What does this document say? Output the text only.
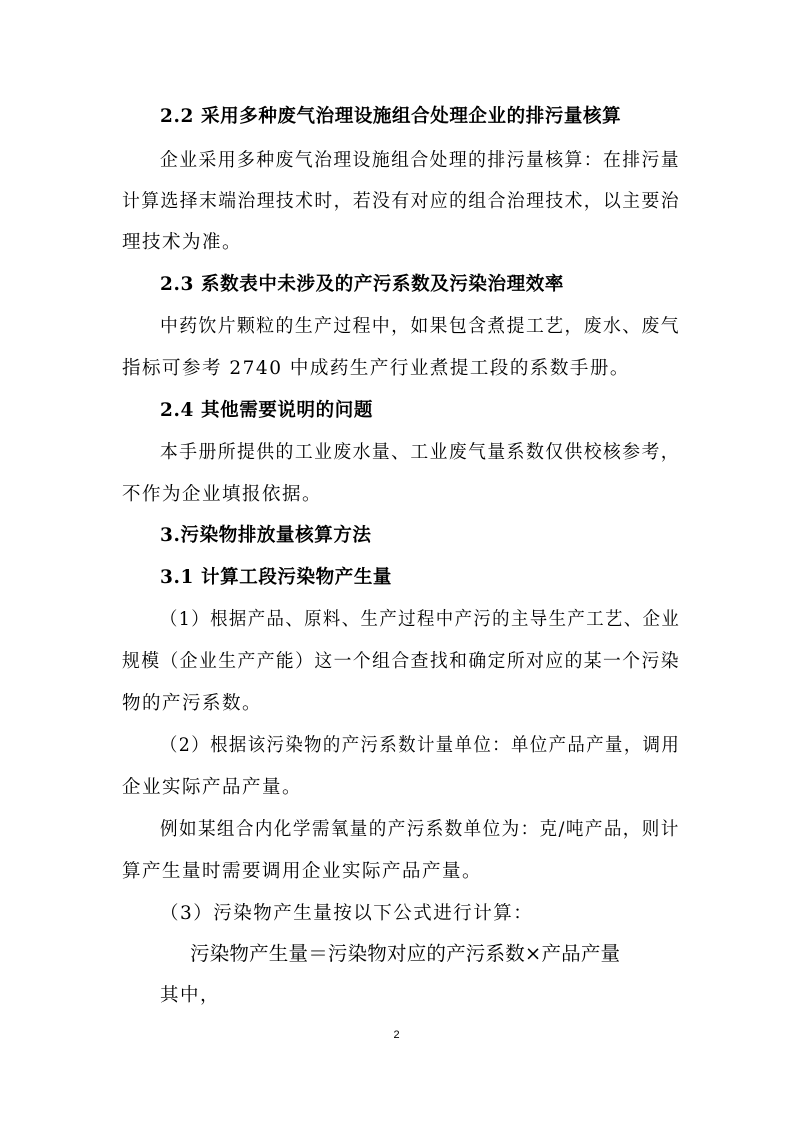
2.2 采用多种废气治理设施组合处理企业的排污量核算
企业采用多种废气治理设施组合处理的排污量核算：在排污量
计算选择末端治理技术时，若没有对应的组合治理技术，以主要治
理技术为准。
2.3 系数表中未涉及的产污系数及污染治理效率
中药饮片颗粒的生产过程中，如果包含煮提工艺，废水、废气
指标可参考 2740 中成药生产行业煮提工段的系数手册。
2.4 其他需要说明的问题
本手册所提供的工业废水量、工业废气量系数仅供校核参考，
不作为企业填报依据。
3.污染物排放量核算方法
3.1 计算工段污染物产生量
（1）根据产品、原料、生产过程中产污的主导生产工艺、企业
规模（企业生产产能）这一个组合查找和确定所对应的某一个污染
物的产污系数。
（2）根据该污染物的产污系数计量单位：单位产品产量，调用
企业实际产品产量。
例如某组合内化学需氧量的产污系数单位为：克/吨产品，则计
算产生量时需要调用企业实际产品产量。
（3）污染物产生量按以下公式进行计算：
污染物产生量＝污染物对应的产污系数×产品产量
其中，
2
